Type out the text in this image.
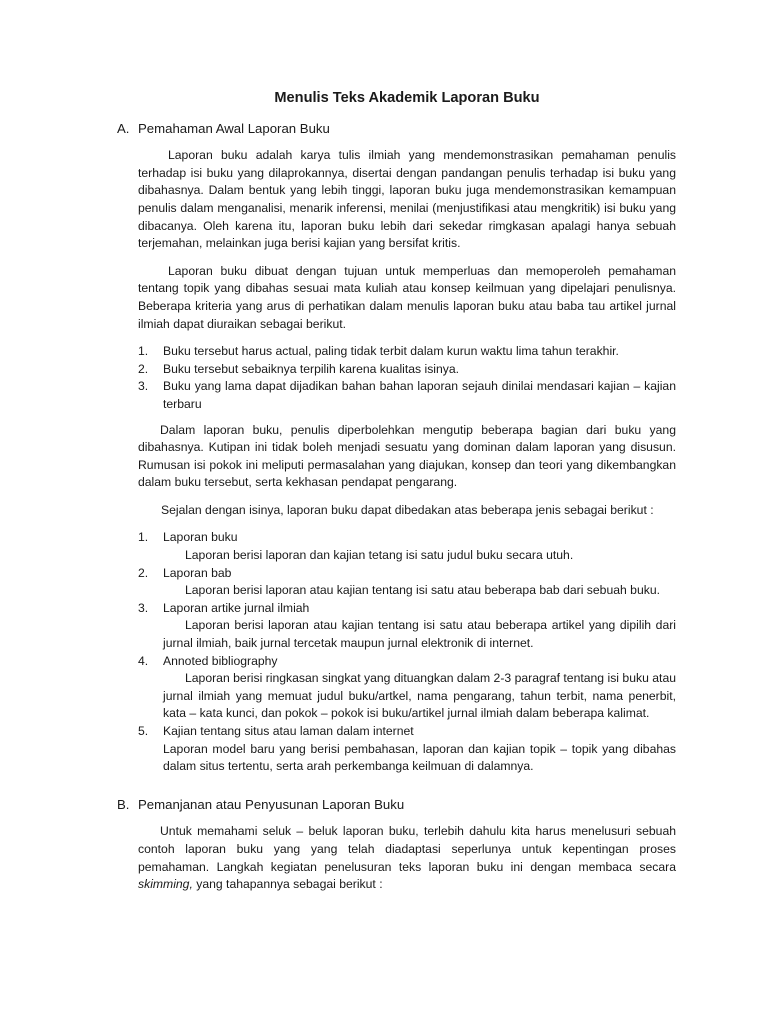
Menulis Teks Akademik Laporan Buku
A. Pemahaman Awal Laporan Buku

Laporan buku adalah karya tulis ilmiah yang mendemonstrasikan pemahaman penulis terhadap isi buku yang dilaprokannya, disertai dengan pandangan penulis terhadap isi buku yang dibahasnya. Dalam bentuk yang lebih tinggi, laporan buku juga mendemonstrasikan kemampuan penulis dalam menganalisi, menarik inferensi, menilai (menjustifikasi atau mengkritik) isi buku yang dibacanya. Oleh karena itu, laporan buku lebih dari sekedar rimgkasan apalagi hanya sebuah terjemahan, melainkan juga berisi kajian yang bersifat kritis.

Laporan buku dibuat dengan tujuan untuk memperluas dan memoperoleh pemahaman tentang topik yang dibahas sesuai mata kuliah atau konsep keilmuan yang dipelajari penulisnya. Beberapa kriteria yang arus di perhatikan dalam menulis laporan buku atau baba tau artikel jurnal ilmiah dapat diuraikan sebagai berikut.

1.	Buku tersebut harus actual, paling tidak terbit dalam kurun waktu lima tahun terakhir.
2.	Buku tersebut sebaiknya terpilih karena kualitas isinya.
3.	Buku yang lama dapat dijadikan bahan bahan laporan sejauh dinilai mendasari kajian – kajian terbaru

Dalam laporan buku, penulis diperbolehkan mengutip beberapa bagian dari buku yang dibahasnya. Kutipan ini tidak boleh menjadi sesuatu yang dominan dalam laporan yang disusun. Rumusan isi pokok ini meliputi permasalahan yang diajukan, konsep dan teori yang dikembangkan dalam buku tersebut, serta kekhasan pendapat pengarang.

Sejalan dengan isinya, laporan buku dapat dibedakan atas beberapa jenis sebagai berikut :

1.	Laporan buku
Laporan berisi laporan dan kajian tetang isi satu judul buku secara utuh.
2.	Laporan bab
Laporan berisi laporan atau kajian tentang isi satu atau beberapa bab dari sebuah buku.
3.	Laporan artike jurnal ilmiah
Laporan berisi laporan atau kajian tentang isi satu atau beberapa artikel yang dipilih dari jurnal ilmiah, baik jurnal tercetak maupun jurnal elektronik di internet.
4.	Annoted bibliography
Laporan berisi ringkasan singkat yang dituangkan dalam 2-3 paragraf tentang isi buku atau jurnal ilmiah yang memuat judul buku/artkel, nama pengarang, tahun terbit, nama penerbit, kata – kata kunci, dan pokok – pokok isi buku/artikel jurnal ilmiah dalam beberapa kalimat.
5.	Kajian tentang situs atau laman dalam internet
Laporan model baru yang berisi pembahasan, laporan dan kajian topik – topik yang dibahas dalam situs tertentu, serta arah perkembanga keilmuan di dalamnya.
B. Pemanjanan atau Penyusunan Laporan Buku

Untuk memahami seluk – beluk laporan buku, terlebih dahulu kita harus menelusuri sebuah contoh laporan buku yang yang telah diadaptasi seperlunya untuk kepentingan proses pemahaman. Langkah kegiatan penelusuran teks laporan buku ini dengan membaca secara skimming, yang tahapannya sebagai berikut :
